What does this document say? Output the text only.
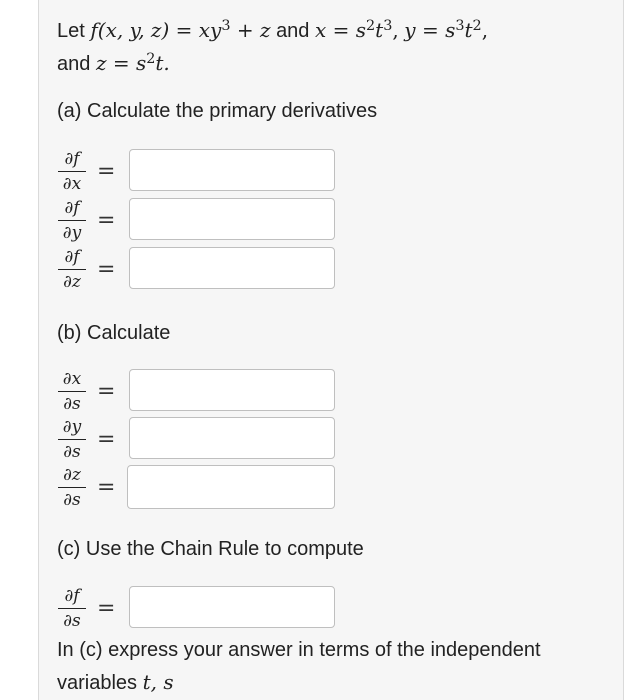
Let f(x, y, $z) = xy^3 + z$ and $x = s^2t^3$, $y = s^3t^2$,
and $z = s^2t$.
(a) Calculate the primary derivatives
∂f
∂x =
∂f
∂y =
∂f
∂z =
(b) Calculate
∂x
∂s =
∂y
∂s =
∂z
∂s =
(c) Use the Chain Rule to compute
∂f
∂s =
In (c) express your answer in terms of the independent
variables t, s
